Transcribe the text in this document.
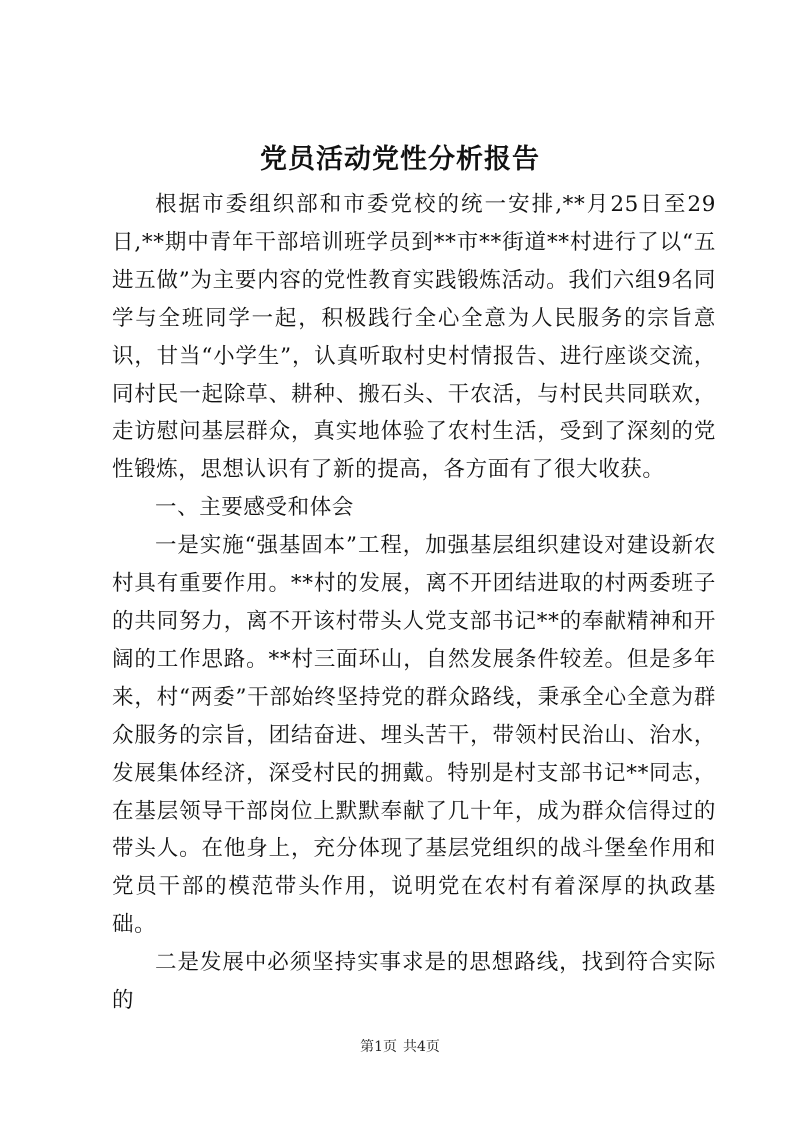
党员活动党性分析报告

根据市委组织部和市委党校的统一安排,**月25日至29日,**期中青年干部培训班学员到**市**街道**村进行了以“五进五做”为主要内容的党性教育实践锻炼活动。我们六组9名同学与全班同学一起，积极践行全心全意为人民服务的宗旨意识，甘当“小学生”，认真听取村史村情报告、进行座谈交流，同村民一起除草、耕种、搬石头、干农活，与村民共同联欢，走访慰问基层群众，真实地体验了农村生活，受到了深刻的党性锻炼，思想认识有了新的提高，各方面有了很大收获。

一、主要感受和体会

一是实施“强基固本”工程，加强基层组织建设对建设新农村具有重要作用。**村的发展，离不开团结进取的村两委班子的共同努力，离不开该村带头人党支部书记**的奉献精神和开阔的工作思路。**村三面环山，自然发展条件较差。但是多年来，村“两委”干部始终坚持党的群众路线，秉承全心全意为群众服务的宗旨，团结奋进、埋头苦干，带领村民治山、治水，发展集体经济，深受村民的拥戴。特别是村支部书记**同志，在基层领导干部岗位上默默奉献了几十年，成为群众信得过的带头人。在他身上，充分体现了基层党组织的战斗堡垒作用和党员干部的模范带头作用，说明党在农村有着深厚的执政基础。

二是发展中必须坚持实事求是的思想路线，找到符合实际的

第1页 共4页
